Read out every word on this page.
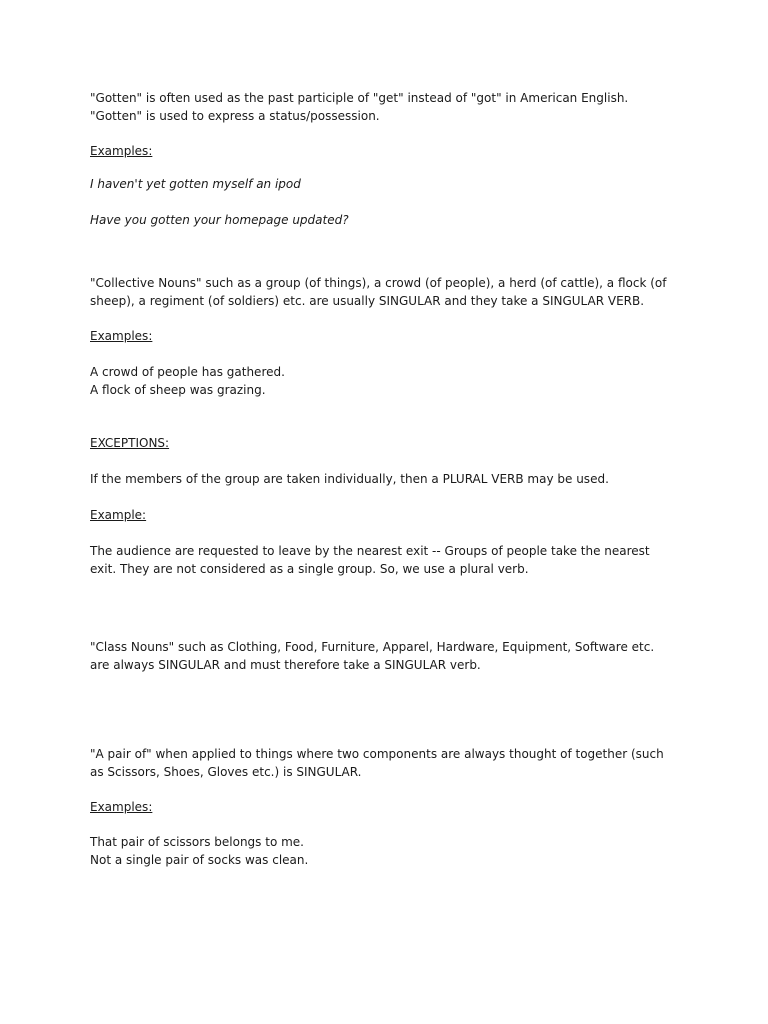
"Gotten" is often used as the past participle of "get" instead of "got" in American English. "Gotten" is used to express a status/possession.

Examples:

I haven't yet gotten myself an ipod

Have you gotten your homepage updated?

"Collective Nouns" such as a group (of things), a crowd (of people), a herd (of cattle), a flock (of sheep), a regiment (of soldiers) etc. are usually SINGULAR and they take a SINGULAR VERB.

Examples:

A crowd of people has gathered.

A flock of sheep was grazing.

EXCEPTIONS:

If the members of the group are taken individually, then a PLURAL VERB may be used.

Example:

The audience are requested to leave by the nearest exit -- Groups of people take the nearest exit. They are not considered as a single group. So, we use a plural verb.

"Class Nouns" such as Clothing, Food, Furniture, Apparel, Hardware, Equipment, Software etc. are always SINGULAR and must therefore take a SINGULAR verb.

"A pair of" when applied to things where two components are always thought of together (such as Scissors, Shoes, Gloves etc.) is SINGULAR.

Examples:

That pair of scissors belongs to me.

Not a single pair of socks was clean.
